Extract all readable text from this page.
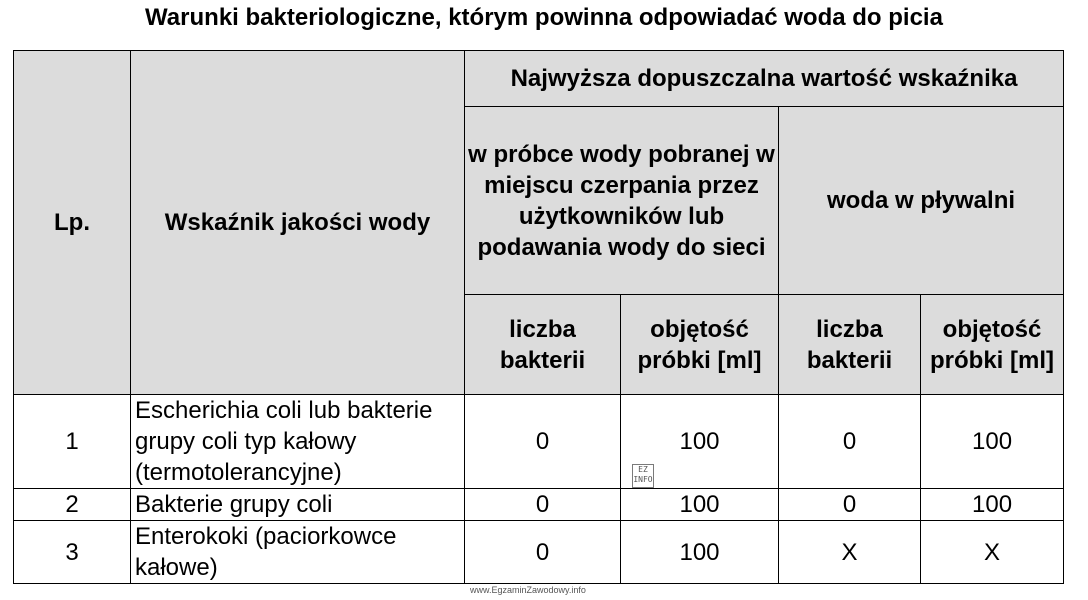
Warunki bakteriologiczne, którym powinna odpowiadać woda do picia
Lp.	Wskaźnik jakości wody	Najwyższa dopuszczalna wartość wskaźnika			
		w próbce wody pobranej w miejscu czerpania przez użytkowników lub podawania wody do sieci		woda w pływalni	
		liczba bakterii	objętość próbki [ml]	liczba bakterii	objętość próbki [ml]
1	Escherichia coli lub bakterie grupy coli typ kałowy (termotolerancyjne)	0	100	0	100
2	Bakterie grupy coli	0	100	0	100
3	Enterokoki (paciorkowce kałowe)	0	100	X	X
EZ INFO
www.EgzaminZawodowy.info
